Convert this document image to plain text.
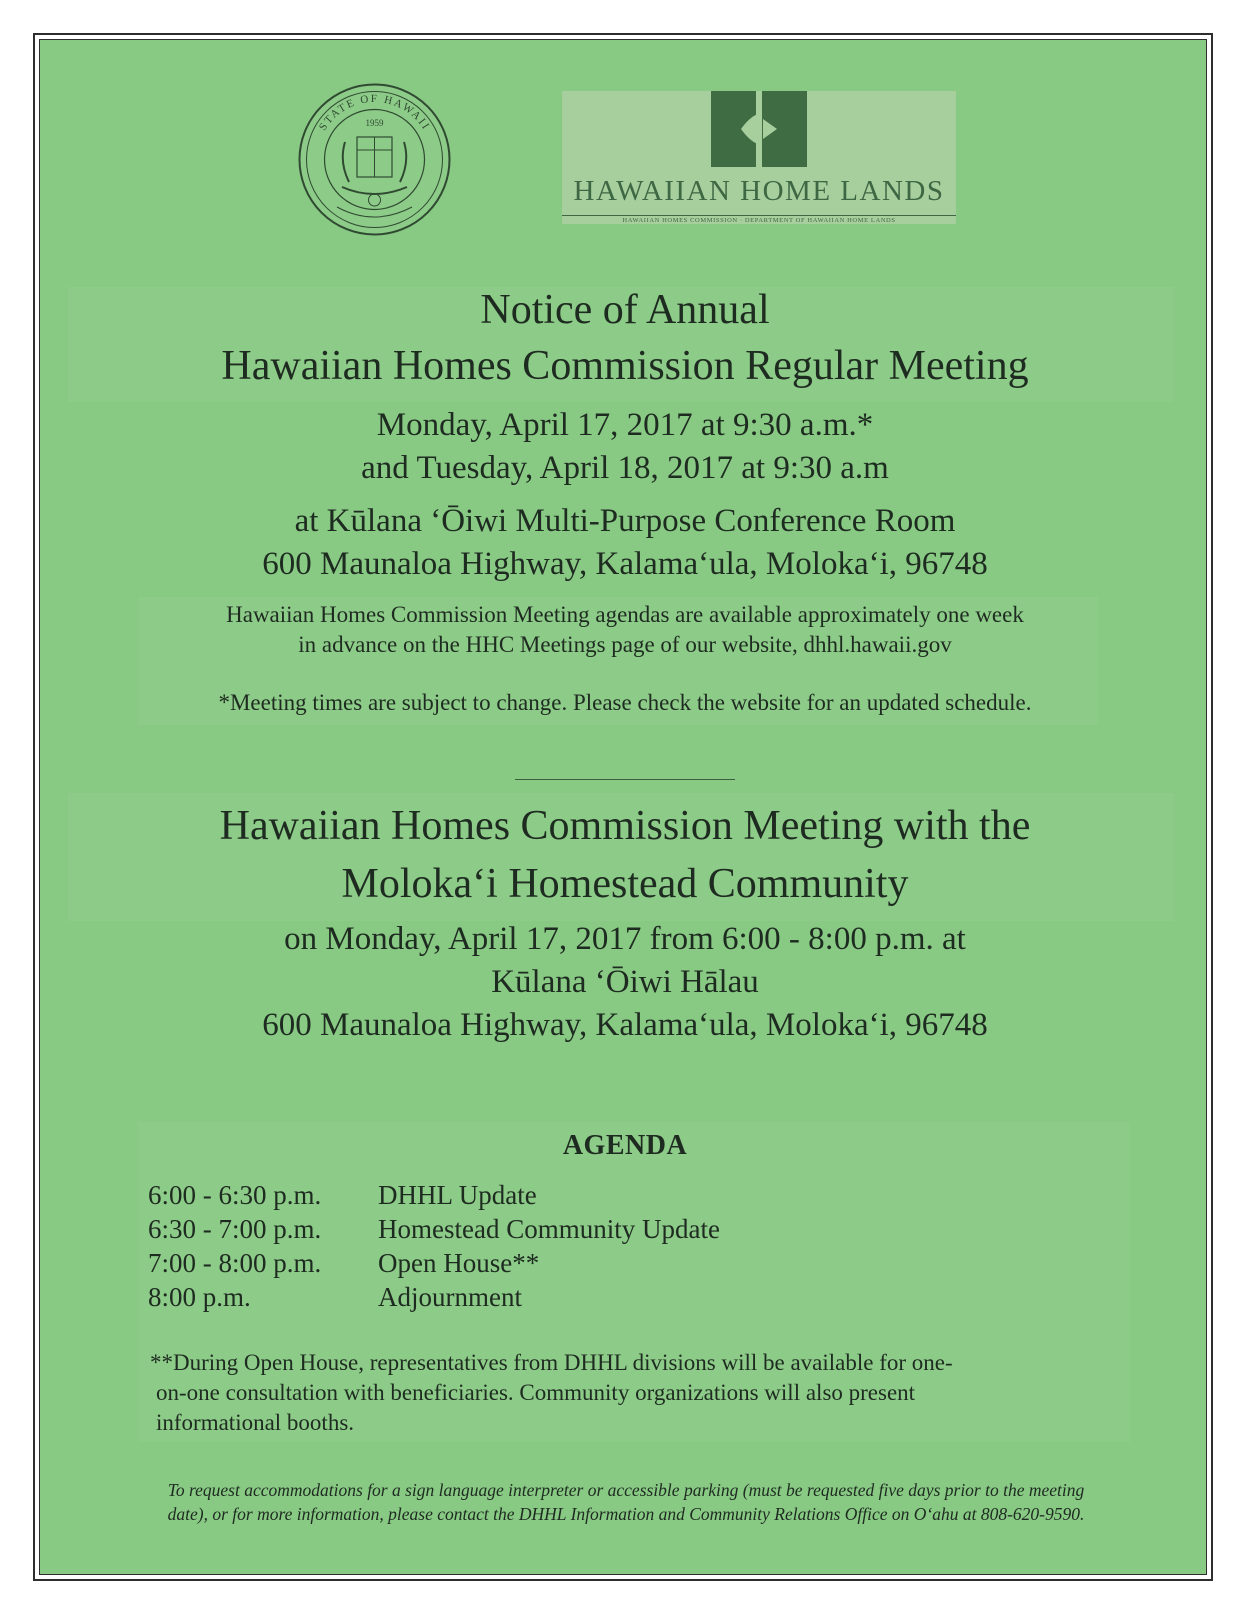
STATE OF HAWAII
1959
HAWAIIAN HOME LANDS
HAWAIIAN HOMES COMMISSION · DEPARTMENT OF HAWAIIAN HOME LANDS
Notice of Annual
Hawaiian Homes Commission Regular Meeting
Monday, April 17, 2017 at 9:30 a.m.*
and Tuesday, April 18, 2017 at 9:30 a.m
at Kūlana ʻŌiwi Multi-Purpose Conference Room
600 Maunaloa Highway, Kalamaʻula, Molokaʻi, 96748
Hawaiian Homes Commission Meeting agendas are available approximately one week
in advance on the HHC Meetings page of our website, dhhl.hawaii.gov
*Meeting times are subject to change. Please check the website for an updated schedule.
Hawaiian Homes Commission Meeting with the
Molokaʻi Homestead Community
on Monday, April 17, 2017 from 6:00 - 8:00 p.m. at
Kūlana ʻŌiwi Hālau
600 Maunaloa Highway, Kalamaʻula, Molokaʻi, 96748
AGENDA
6:00 - 6:30 p.m. DHHL Update
6:30 - 7:00 p.m. Homestead Community Update
7:00 - 8:00 p.m. Open House**
8:00 p.m.	Adjournment
**During Open House, representatives from DHHL divisions will be available for one-
on-one consultation with beneficiaries. Community organizations will also present
informational booths.
To request accommodations for a sign language interpreter or accessible parking (must be requested five days prior to the meeting
date), or for more information, please contact the DHHL Information and Community Relations Office on Oʻahu at 808-620-9590.
